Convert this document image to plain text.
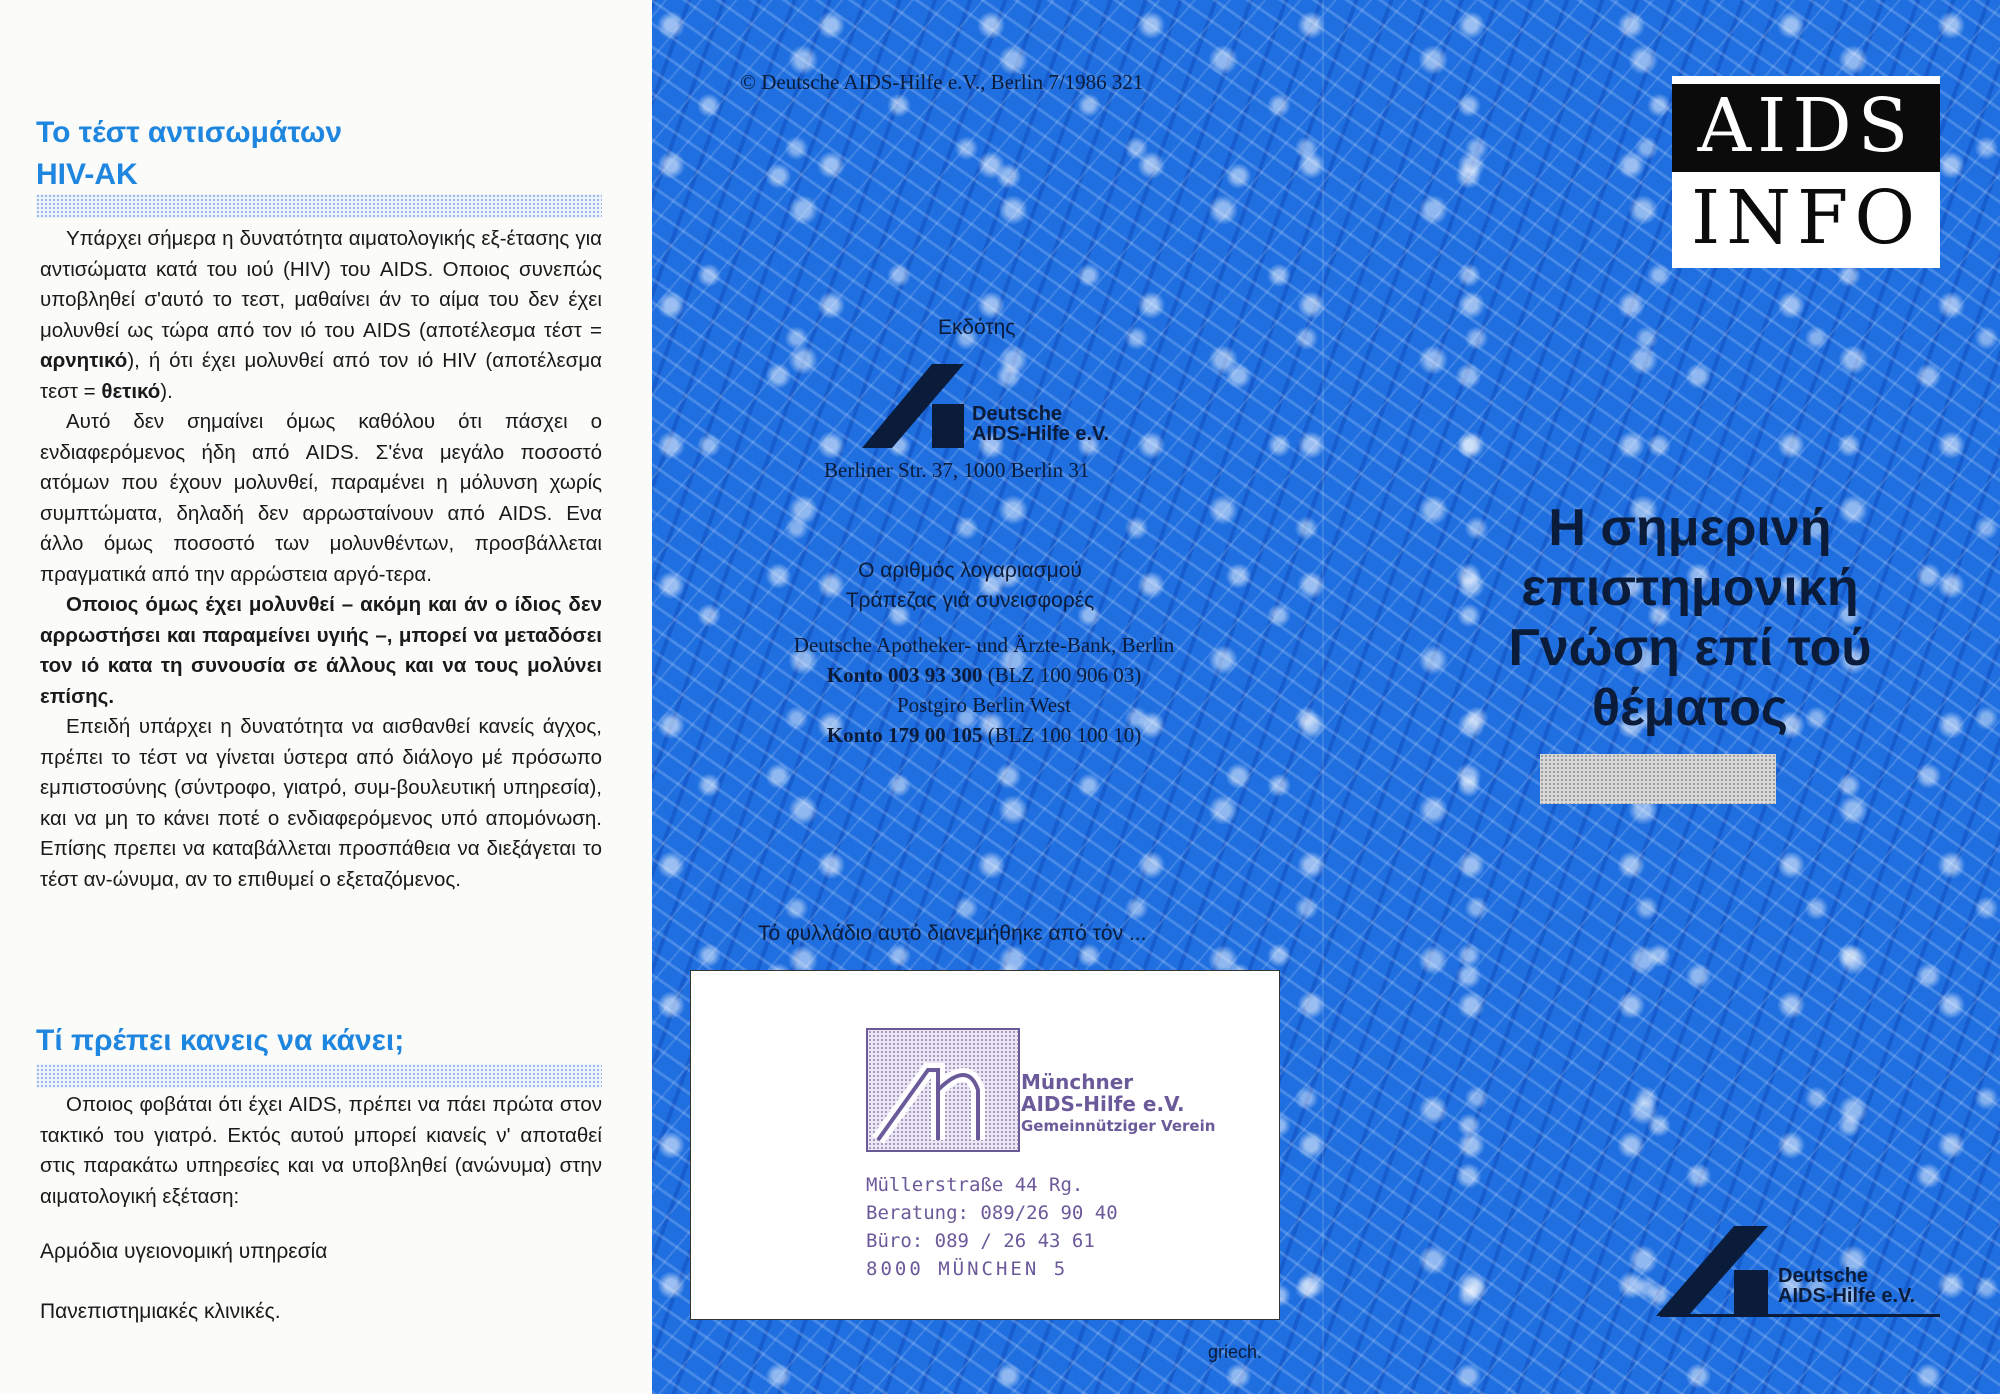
Το τέστ αντισωμάτων
HIV-AK

Υπάρχει σήμερα η δυνατότητα αιματολογικής εξ-έτασης για αντισώματα κατά του ιού (HIV) του AIDS. Οποιος συνεπώς υποβληθεί σ'αυτό το τεστ, μαθαίνει άν το αίμα του δεν έχει μολυνθεί ως τώρα από τον ιό του AIDS (αποτέλεσμα τέστ = αρνητικό), ή ότι έχει μολυνθεί από τον ιό HIV (αποτέλεσμα τεστ = θετικό).

Αυτό δεν σημαίνει όμως καθόλου ότι πάσχει ο ενδιαφερόμενος ήδη από AIDS. Σ'ένα μεγάλο ποσοστό ατόμων που έχουν μολυνθεί, παραμένει η μόλυνση χωρίς συμπτώματα, δηλαδή δεν αρρωσταίνουν από AIDS. Ενα άλλο όμως ποσοστό των μολυνθέντων, προσβάλλεται πραγματικά από την αρρώστεια αργό-τερα.

Οποιος όμως έχει μολυνθεί – ακόμη και άν ο ίδιος δεν αρρωστήσει και παραμείνει υγιής –, μπορεί να μεταδόσει τον ιό κατα τη συνουσία σε άλλους και να τους μολύνει επίσης.

Επειδή υπάρχει η δυνατότητα να αισθανθεί κανείς άγχος, πρέπει το τέστ να γίνεται ύστερα από διάλογο μέ πρόσωπο εμπιστοσύνης (σύντροφο, γιατρό, συμ-βουλευτική υπηρεσία), και να μη το κάνει ποτέ ο ενδιαφερόμενος υπό απομόνωση. Επίσης πρεπει να καταβάλλεται προσπάθεια να διεξάγεται το τέστ αν-ώνυμα, αν το επιθυμεί ο εξεταζόμενος.

Τί πρέπει κανεις να κάνει;

Οποιος φοβάται ότι έχει AIDS, πρέπει να πάει πρώτα στον τακτικό του γιατρό. Εκτός αυτού μπορεί κιανείς ν' αποταθεί στις παρακάτω υπηρεσίες και να υποβληθεί (ανώνυμα) στην αιματολογική εξέταση:

Αρμόδια υγειονομική υπηρεσία
Πανεπιστημιακές κλινικές.
© Deutsche AIDS-Hilfe e.V., Berlin 7/1986 321
Εκδότης
Deutsche
AIDS-Hilfe e.V.
Berliner Str. 37, 1000 Berlin 31
Ο αριθμός λογαριασμού
Τράπεζας γιά συνεισφορές
Deutsche Apotheker- und Ärzte-Bank, Berlin
Konto 003 93 300 (BLZ 100 906 03)
Postgiro Berlin West
Konto 179 00 105 (BLZ 100 100 10)
Τό φυλλάδιο αυτό διανεμήθηκε από τόν ...
Münchner
AIDS-Hilfe e.V.
Gemeinnütziger Verein
Müllerstraße 44 Rg.
Beratung: 089/26 90 40
Büro: 089 / 26 43 61
8000 MÜNCHEN 5
griech.
AIDS
INFO
Η σημερινή
επιστημονική
Γνώση επί τού
θέματος
Deutsche
AIDS-Hilfe e.V.
